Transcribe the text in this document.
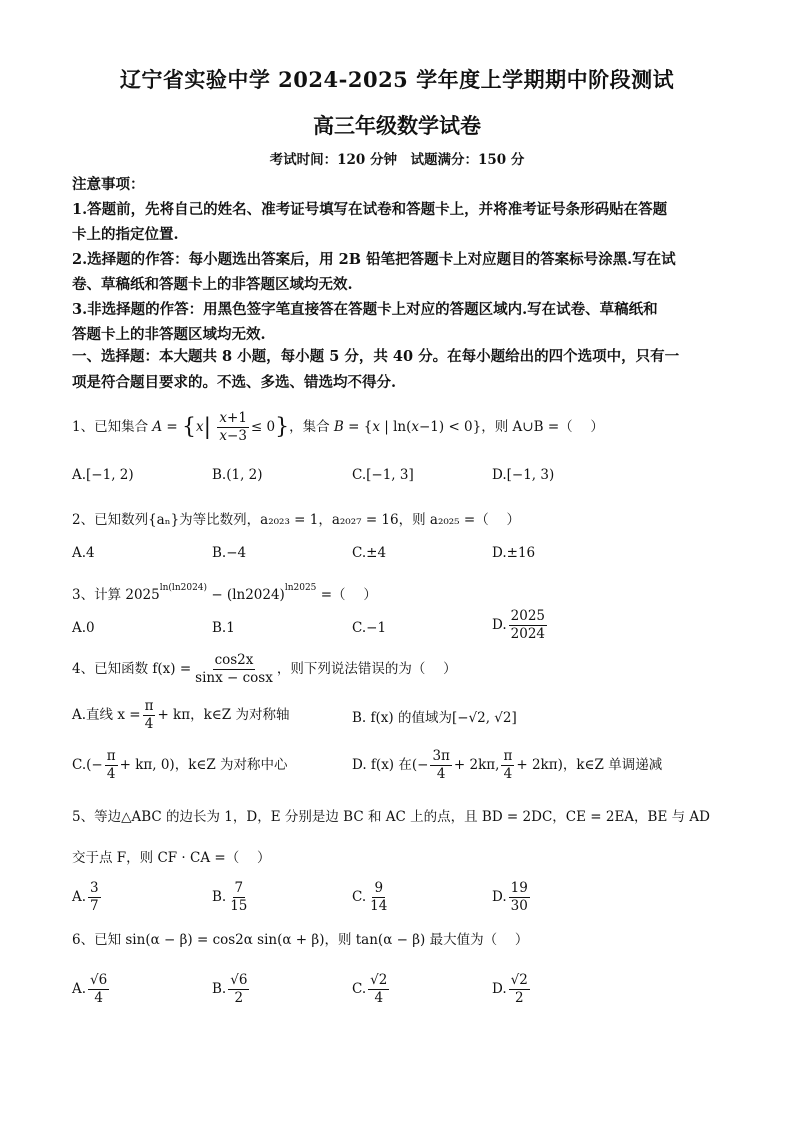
辽宁省实验中学 2024-2025 学年度上学期期中阶段测试
高三年级数学试卷
考试时间：120 分钟　试题满分：150 分
注意事项：
1.答题前，先将自己的姓名、准考证号填写在试卷和答题卡上，并将准考证号条形码贴在答题
卡上的指定位置.
2.选择题的作答：每小题选出答案后，用 2B 铅笔把答题卡上对应题目的答案标号涂黑.写在试
卷、草稿纸和答题卡上的非答题区域均无效.
3.非选择题的作答：用黑色签字笔直接答在答题卡上对应的答题区域内.写在试卷、草稿纸和
答题卡上的非答题区域均无效.
一、选择题：本大题共 8 小题，每小题 5 分，共 40 分。在每小题给出的四个选项中，只有一
项是符合题目要求的。不选、多选、错选均不得分.
1、已知集合 $A = \{x| \frac{x+1}{x-3} \le 0\}$，集合 B = {x | ln(x−1) < 0}，则 A∪B =（　 ）
A.[−1, 2)	B.(1, 2)	C.[−1, 3]	D.[−1, 3)
2、已知数列{aₙ}为等比数列，a₂₀₂₃ = 1，a₂₀₂₇ = 16，则 a₂₀₂₅ =（　 ）
A.4	B.−4	C.±4	D.±16
3、计算 $2025^{ln(ln2024)} - (\ln 2024)^{ln2025}$ =（　 ）
A.0	B.1	C.−1	D. $\frac{2025}{2024}$
4、已知函数 $f(x) = \frac{\cos 2x}{\sin x - \cos x}$ ，则下列说法错误的为（　 ）
A.直线 $x = \frac{\pi}{4} + k\pi$，k∈Z 为对称轴	B. f(x) 的值域为[−√2, √2]
$C.(- \frac{\pi}{4} + k\pi$, 0)，k∈Z 为对称中心	D. f(x) 在(− $\frac{3\pi}{4} + 2k\pi$, $\frac{\pi}{4} + 2k\pi$)，k∈Z 单调递减
5、等边△ABC 的边长为 1，D，E 分别是边 BC 和 AC 上的点，且 BD = 2DC，CE = 2EA，BE 与 AD
交于点 F，则 CF · CA =（　 ）
A. $\frac{3}{7}$	B. $\frac{7}{15}$	C. $\frac{9}{14}$	D. $\frac{19}{30}$
6、已知 sin(α − β) = cos2α sin(α + β)，则 tan(α − β) 最大值为（　 ）
A. $\frac{√6}{4}$	B. $\frac{√6}{2}$	C. $\frac{√2}{4}$	D. $\frac{√2}{2}$
